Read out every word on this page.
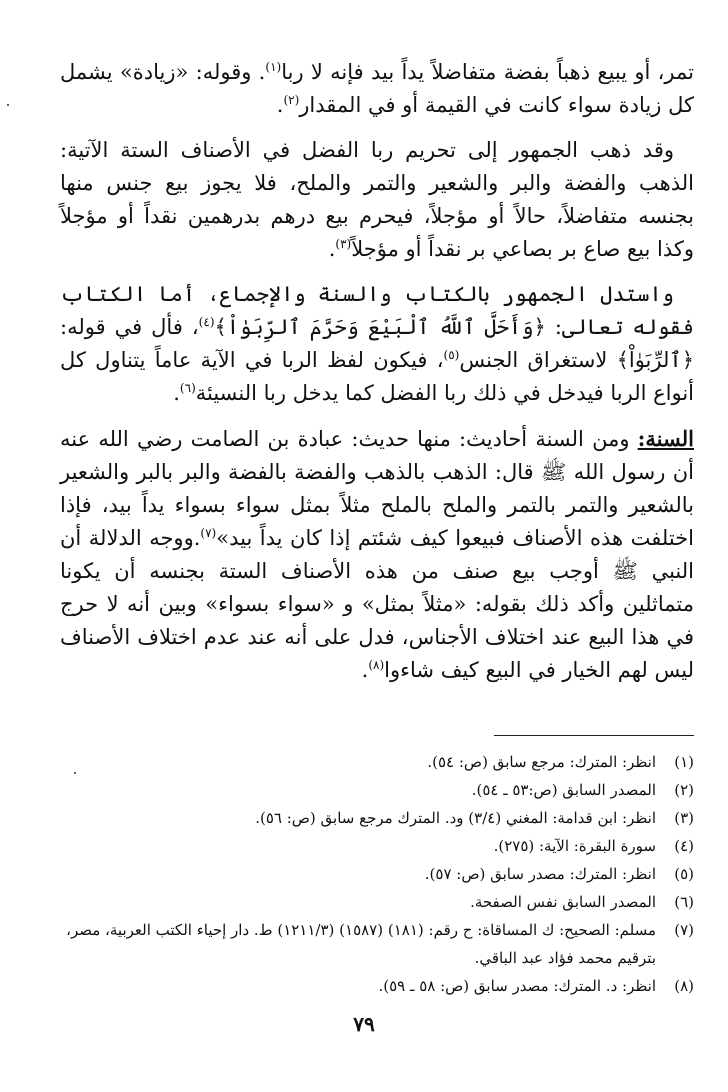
تمر، أو يبيع ذهباً بفضة متفاضلاً يداً بيد فإنه لا ربا$^{(١)}$. وقوله: «زيادة» يشمل كل زيادة سواء كانت في القيمة أو في المقدار$^{(٢)}$.

وقد ذهب الجمهور إلى تحريم ربا الفضل في الأصناف الستة الآتية: الذهب والفضة والبر والشعير والتمر والملح، فلا يجوز بيع جنس منها بجنسه متفاضلاً، حالاً أو مؤجلاً، فيحرم بيع درهم بدرهمين نقداً أو مؤجلاً وكذا بيع صاع بر بصاعي بر نقداً أو مؤجلاً$^{(٣)}$.

واستدل الجمهور بالكتاب والسنة والإجماع، أما الكتاب فقوله تعالى: ﴿وَأَحَلَّ ٱللَّهُ ٱلْبَيْعَ وَحَرَّمَ ٱلرِّبَوٰاْ﴾$^{(٤)}$، فأل في قوله: ﴿ٱلرِّبَوٰاْ﴾ لاستغراق الجنس$^{(٥)}$، فيكون لفظ الربا في الآية عاماً يتناول كل أنواع الربا فيدخل في ذلك ربا الفضل كما يدخل ربا النسيئة$^{(٦)}$.

السنة: ومن السنة أحاديث: منها حديث: عبادة بن الصامت رضي الله عنه أن رسول الله ﷺ قال: الذهب بالذهب والفضة بالفضة والبر بالبر والشعير بالشعير والتمر بالتمر والملح بالملح مثلاً بمثل سواء بسواء يداً بيد، فإذا اختلفت هذه الأصناف فبيعوا كيف شئتم إذا كان يداً بيد»$^{(٧)}$.ووجه الدلالة أن النبي ﷺ أوجب بيع صنف من هذه الأصناف الستة بجنسه أن يكونا متماثلين وأكد ذلك بقوله: «مثلاً بمثل» و «سواء بسواء» وبين أنه لا حرج في هذا البيع عند اختلاف الأجناس، فدل على أنه عند عدم اختلاف الأصناف ليس لهم الخيار في البيع كيف شاءوا$^{(٨)}$.

(١)
انظر: المترك: مرجع سابق (ص: ٥٤).
(٢)
المصدر السابق (ص:٥٣ ـ ٥٤).
(٣)
انظر: ابن قدامة: المغني (٣/٤) ود. المترك مرجع سابق (ص: ٥٦).
(٤)
سورة البقرة: الآية: (٢٧٥).
(٥)
انظر: المترك: مصدر سابق (ص: ٥٧).
(٦)
المصدر السابق نفس الصفحة.
(٧)
مسلم: الصحيح: ك المساقاة: ح رقم: (١٨١) (١٥٨٧) (١٢١١/٣) ط. دار إحياء الكتب العربية، مصر، بترقيم محمد فؤاد عبد الباقي.
(٨)
انظر: د. المترك: مصدر سابق (ص: ٥٨ ـ ٥٩).
٧٩
